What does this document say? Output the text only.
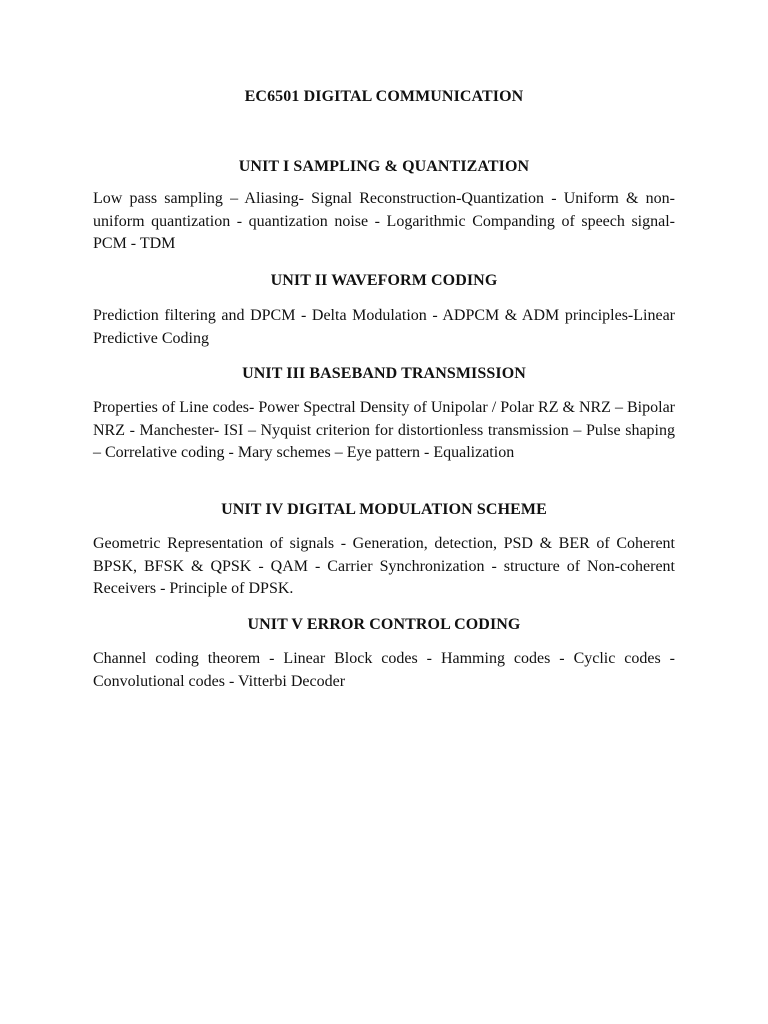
EC6501 DIGITAL COMMUNICATION
UNIT I SAMPLING & QUANTIZATION
Low pass sampling – Aliasing- Signal Reconstruction-Quantization - Uniform & non-uniform quantization - quantization noise - Logarithmic Companding of speech signal- PCM - TDM
UNIT II WAVEFORM CODING
Prediction filtering and DPCM - Delta Modulation - ADPCM & ADM principles-Linear Predictive Coding
UNIT III BASEBAND TRANSMISSION
Properties of Line codes- Power Spectral Density of Unipolar / Polar RZ & NRZ – Bipolar NRZ - Manchester- ISI – Nyquist criterion for distortionless transmission – Pulse shaping – Correlative coding - Mary schemes – Eye pattern - Equalization
UNIT IV DIGITAL MODULATION SCHEME
Geometric Representation of signals - Generation, detection, PSD & BER of Coherent BPSK, BFSK & QPSK - QAM - Carrier Synchronization - structure of Non-coherent Receivers - Principle of DPSK.
UNIT V ERROR CONTROL CODING
Channel coding theorem - Linear Block codes - Hamming codes - Cyclic codes - Convolutional codes - Vitterbi Decoder
